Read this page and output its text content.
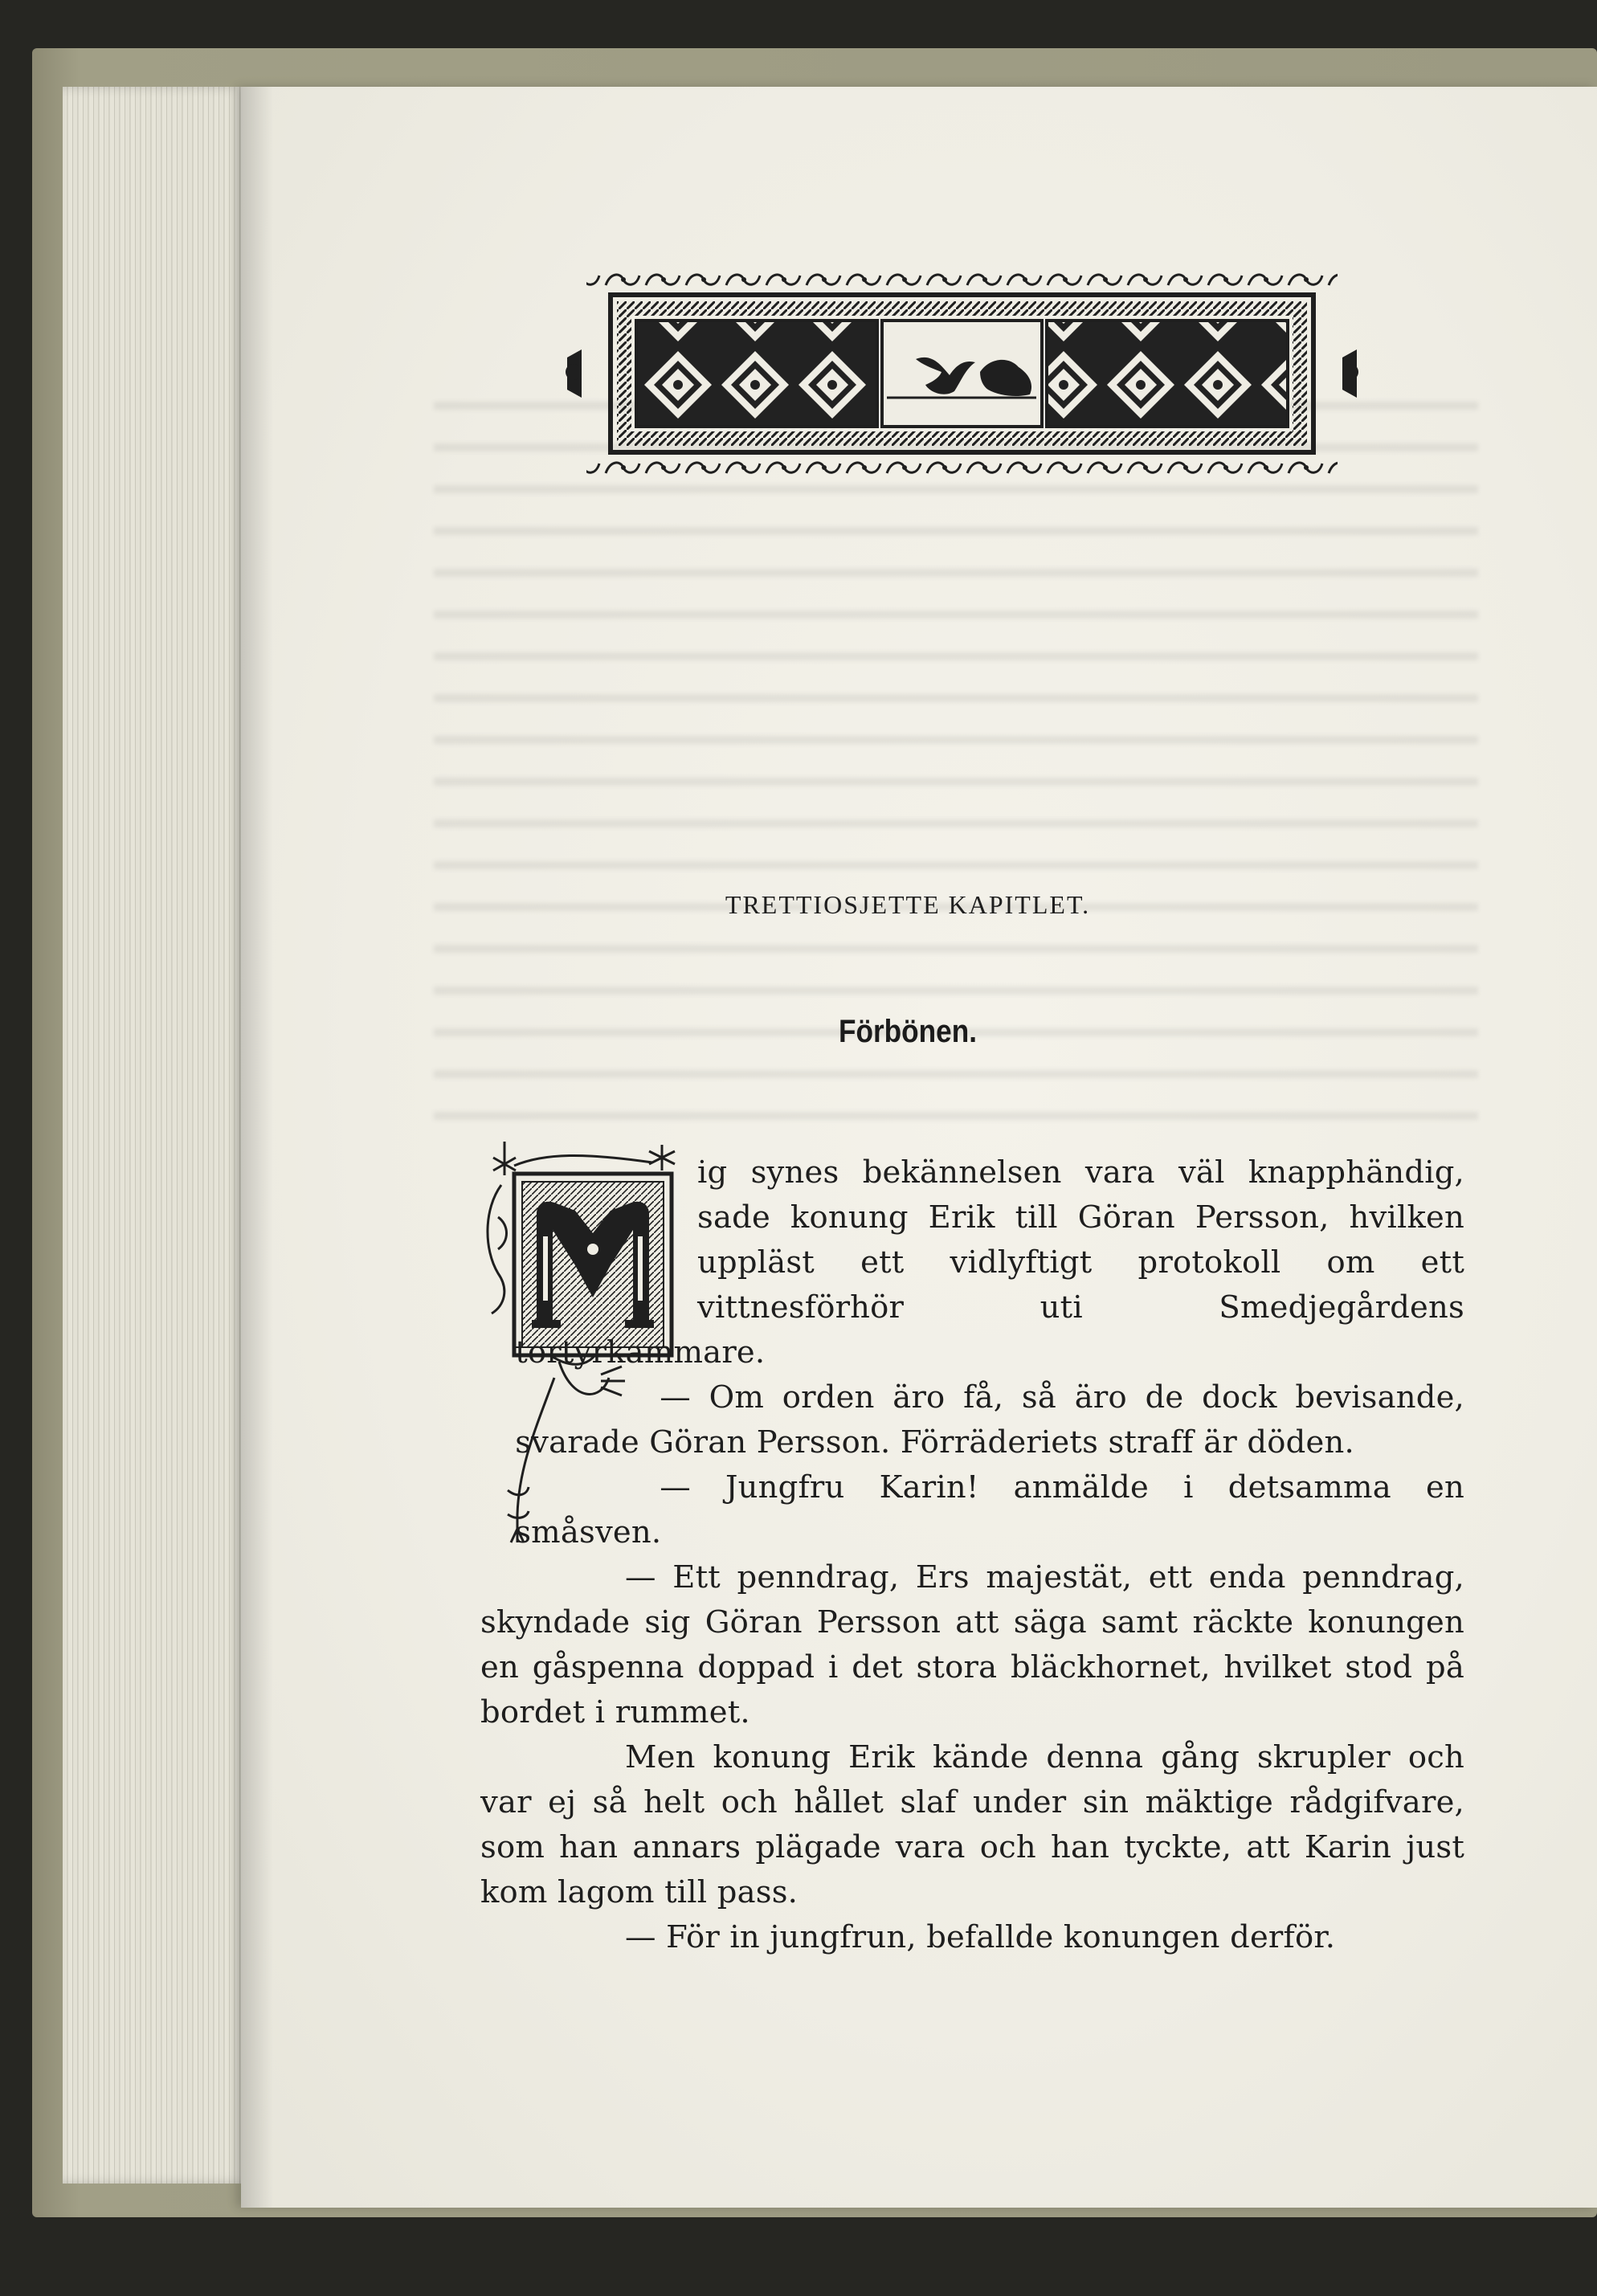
TRETTIOSJETTE KAPITLET.
Förbönen.

ig synes bekännelsen vara väl knapphändig, sade konung Erik till Göran Persson, hvilken uppläst ett vidlyftigt protokoll om ett vittnesförhör uti Smedjegårdens tortyrkammare.

— Om orden äro få, så äro de dock bevisande, svarade Göran Persson. Förräderiets straff är döden.

— Jungfru Karin! anmälde i detsamma en småsven.

— Ett penndrag, Ers majestät, ett enda penndrag, skyndade sig Göran Persson att säga samt räckte konungen en gåspenna doppad i det stora bläckhornet, hvilket stod på bordet i rummet.

Men konung Erik kände denna gång skrupler och var ej så helt och hållet slaf under sin mäktige rådgifvare, som han annars plägade vara och han tyckte, att Karin just kom lagom till pass.

— För in jungfrun, befallde konungen derför.
